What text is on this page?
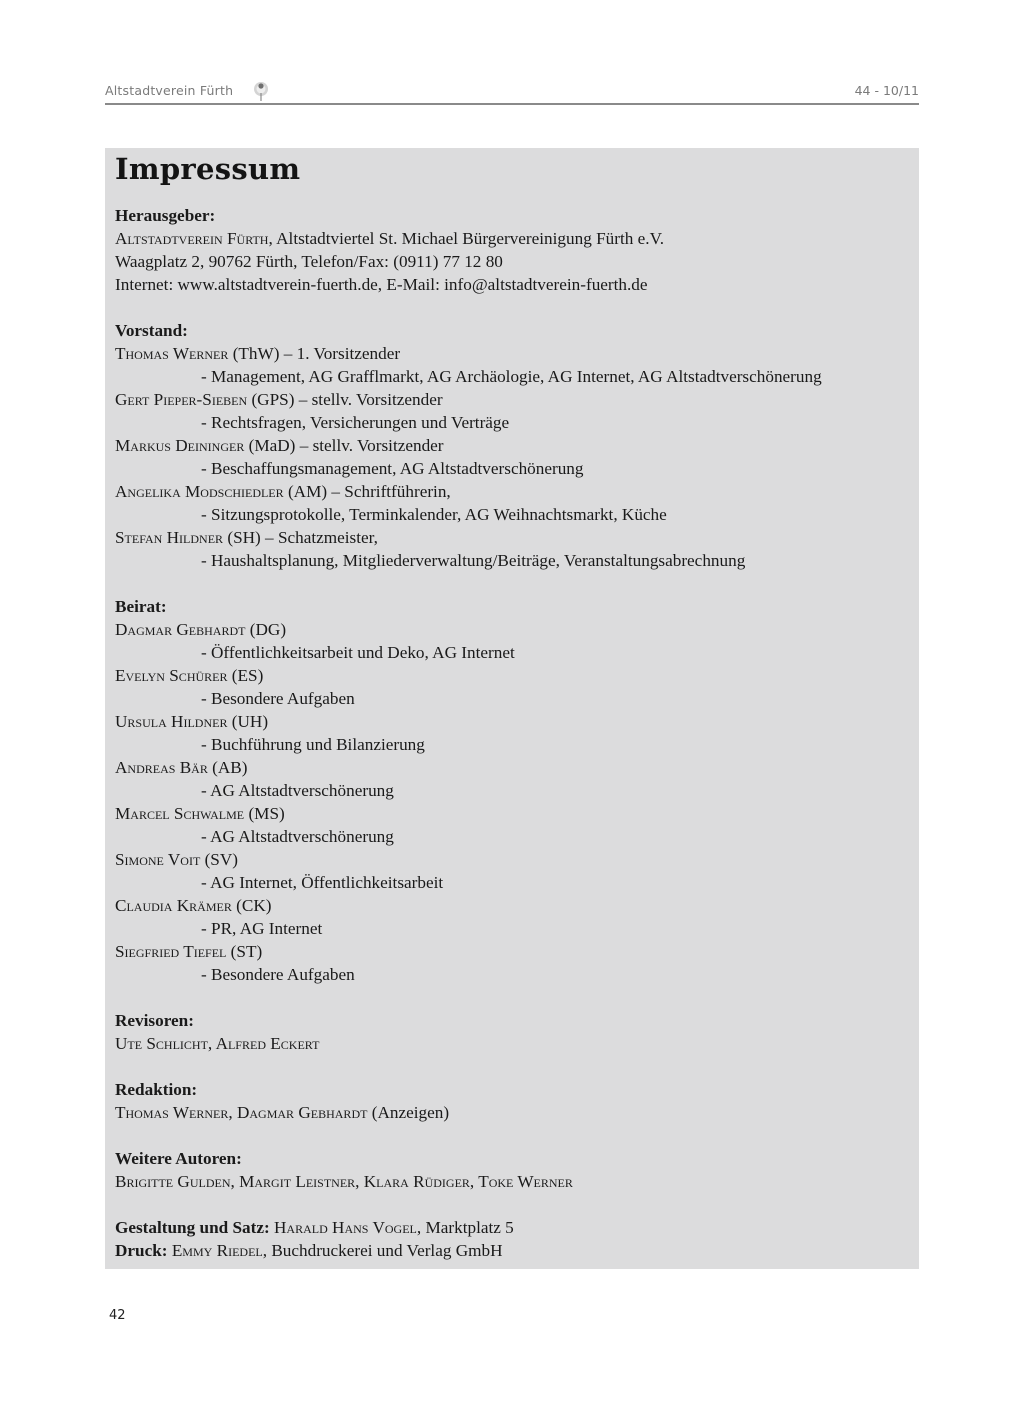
Altstadtverein Fürth	44 - 10/11
Impressum
Herausgeber:
Altstadtverein Fürth, Altstadtviertel St. Michael Bürgervereinigung Fürth e.V.
Waagplatz 2, 90762 Fürth, Telefon/Fax: (0911) 77 12 80
Internet: www.altstadtverein-fuerth.de, E-Mail: info@altstadtverein-fuerth.de
Vorstand:
Thomas Werner (ThW) – 1. Vorsitzender
- Management, AG Grafflmarkt, AG Archäologie, AG Internet, AG Altstadtverschönerung
Gert Pieper-Sieben (GPS) – stellv. Vorsitzender
- Rechtsfragen, Versicherungen und Verträge
Markus Deininger (MaD) – stellv. Vorsitzender
- Beschaffungsmanagement, AG Altstadtverschönerung
Angelika Modschiedler (AM) – Schriftführerin,
- Sitzungsprotokolle, Terminkalender, AG Weihnachtsmarkt, Küche
Stefan Hildner (SH) – Schatzmeister,
- Haushaltsplanung, Mitgliederverwaltung/Beiträge, Veranstaltungsabrechnung
Beirat:
Dagmar Gebhardt (DG)
- Öffentlichkeitsarbeit und Deko, AG Internet
Evelyn Schürer (ES)
- Besondere Aufgaben
Ursula Hildner (UH)
- Buchführung und Bilanzierung
Andreas Bär (AB)
- AG Altstadtverschönerung
Marcel Schwalme (MS)
- AG Altstadtverschönerung
Simone Voit (SV)
- AG Internet, Öffentlichkeitsarbeit
Claudia Krämer (CK)
- PR, AG Internet
Siegfried Tiefel (ST)
- Besondere Aufgaben
Revisoren:
Ute Schlicht, Alfred Eckert
Redaktion:
Thomas Werner, Dagmar Gebhardt (Anzeigen)
Weitere Autoren:
Brigitte Gulden, Margit Leistner, Klara Rüdiger, Toke Werner
Gestaltung und Satz: Harald Hans Vogel, Marktplatz 5
Druck: Emmy Riedel, Buchdruckerei und Verlag GmbH
42
